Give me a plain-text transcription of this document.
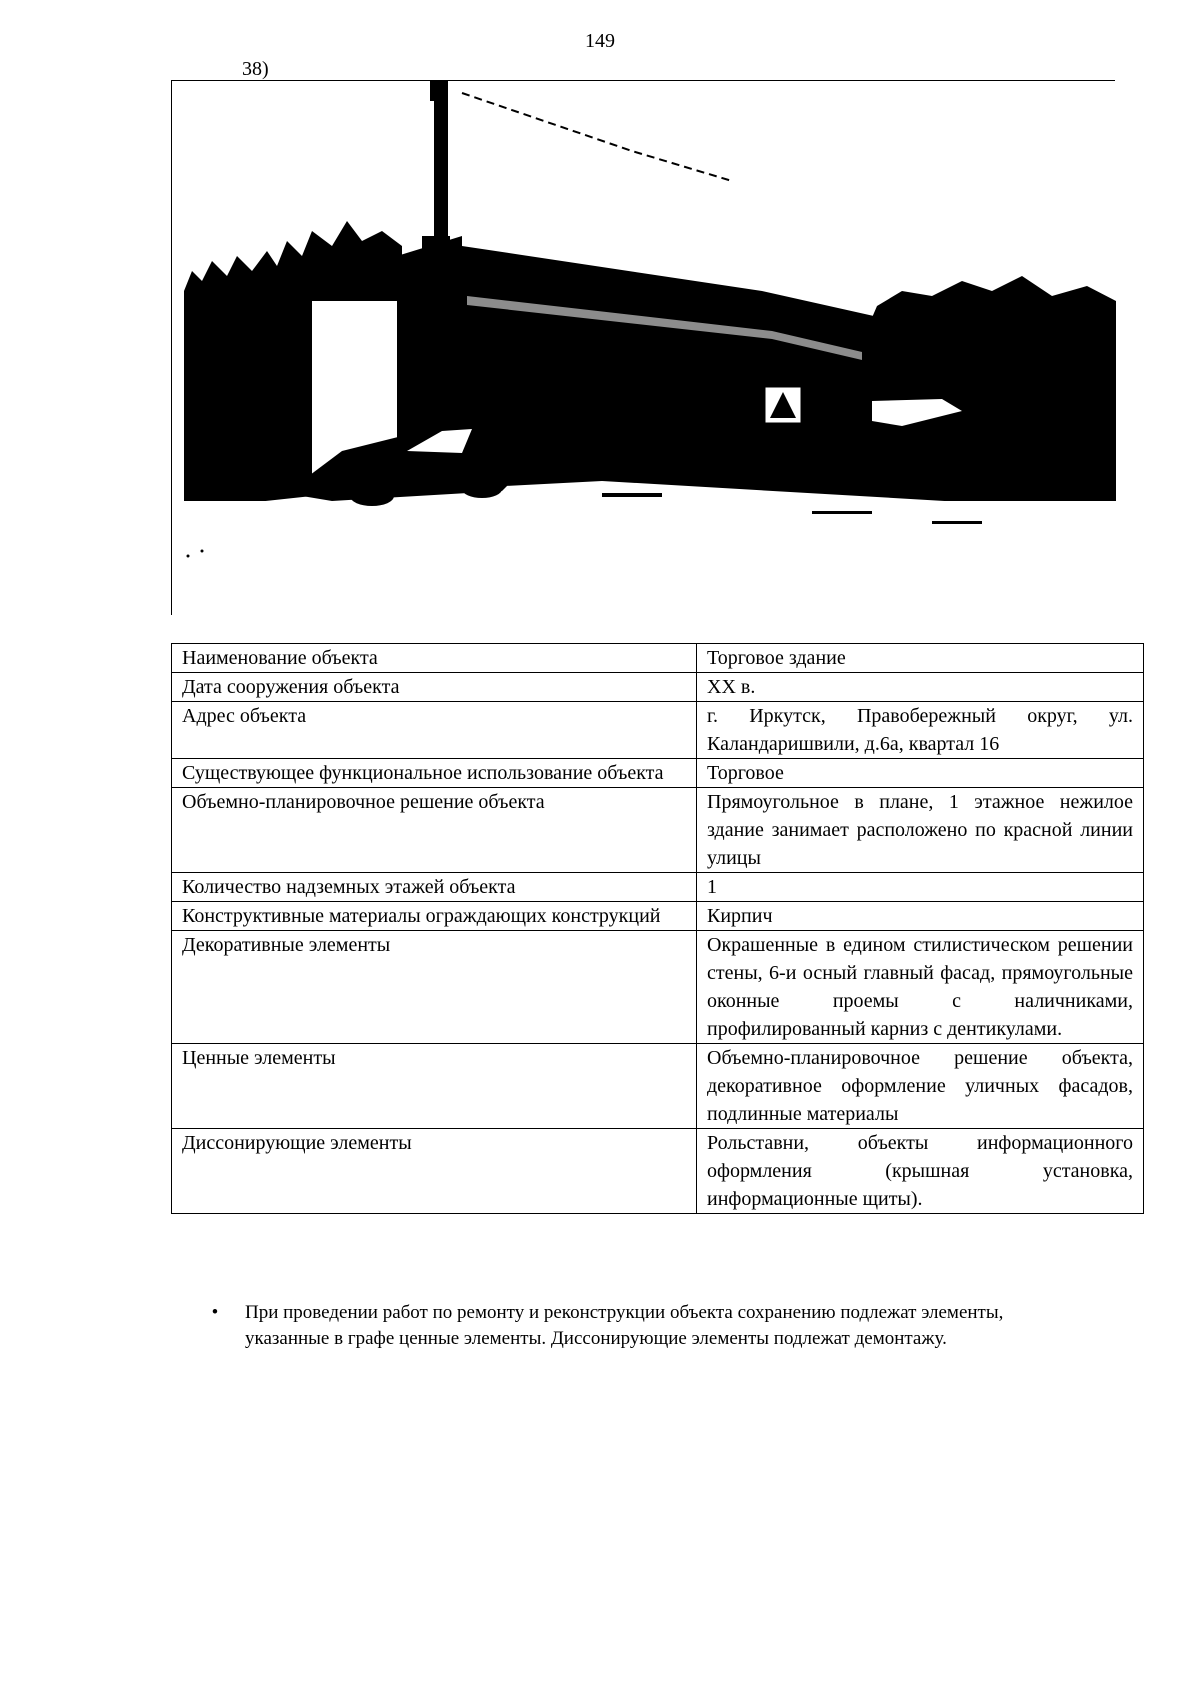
149
38)
Наименование объекта	Торговое здание
Дата сооружения объекта	XX в.
Адрес объекта	г. Иркутск, Правобережный округ, ул. Каландаришвили, д.6а, квартал 16
Существующее функциональное использование объекта	Торговое
Объемно-планировочное решение объекта	Прямоугольное в плане, 1 этажное нежилое здание занимает расположено по красной линии улицы
Количество надземных этажей объекта	1
Конструктивные материалы ограждающих конструкций	Кирпич
Декоративные элементы	Окрашенные в едином стилистическом решении стены, 6-и осный главный фасад, прямоугольные оконные проемы с наличниками, профилированный карниз с дентикулами.
Ценные элементы	Объемно-планировочное решение объекта, декоративное оформление уличных фасадов, подлинные материалы
Диссонирующие элементы	Рольставни, объекты информационного оформления (крышная установка, информационные щиты).
•	При проведении работ по ремонту и реконструкции объекта сохранению подлежат элементы, указанные в графе ценные элементы. Диссонирующие элементы подлежат демонтажу.
